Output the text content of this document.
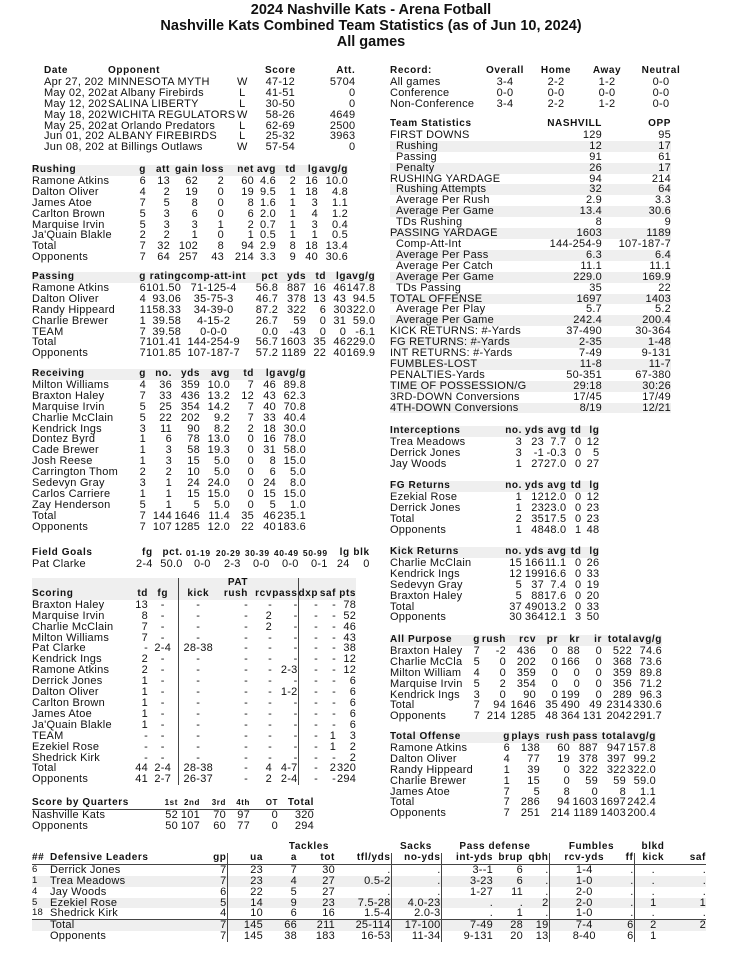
2024 Nashville Kats - Arena Fotball
Nashville Kats Combined Team Statistics (as of Jun 10, 2024)
All games
Date	Opponent		Score	Att.
Apr 27, 202	MINNESOTA MYTH	W	47-12	5704
May 02, 202	at Albany Firebirds	L	41-51	0
May 12, 202	SALINA LIBERTY	L	30-50	0
May 18, 202	WICHITA REGULATORS	W	58-26	4649
May 25, 202	at Orlando Predators	L	62-69	2500
Jun 01, 202	ALBANY FIREBIRDS	L	25-32	3963
Jun 08, 202	at Billings Outlaws	W	57-54	0
Record:	Overall	Home	Away	Neutral
All games	3-4	2-2	1-2	0-0
Conference	0-0	0-0	0-0	0-0
Non-Conference	3-4	2-2	1-2	0-0
Team Statistics	NASHVILL	OPP
FIRST DOWNS	129	95
Rushing	12	17
Passing	91	61
Penalty	26	17
RUSHING YARDAGE	94	214
Rushing Attempts	32	64
Average Per Rush	2.9	3.3
Average Per Game	13.4	30.6
TDs Rushing	8	9
PASSING YARDAGE	1603	1189
Comp-Att-Int	144-254-9	107-187-7
Average Per Pass	6.3	6.4
Average Per Catch	11.1	11.1
Average Per Game	229.0	169.9
TDs Passing	35	22
TOTAL OFFENSE	1697	1403
Average Per Play	5.7	5.2
Average Per Game	242.4	200.4
KICK RETURNS: #-Yards	37-490	30-364
FG RETURNS: #-Yards	2-35	1-48
INT RETURNS: #-Yards	7-49	9-131
FUMBLES-LOST	11-8	11-7
PENALTIES-Yards	50-351	67-380
TIME OF POSSESSION/G	29:18	30:26
3RD-DOWN Conversions	17/45	17/49
4TH-DOWN Conversions	8/19	12/21
Rushing	g	att	gain	loss	net	avg	td	lg	avg/g
Ramone Atkins	6	13	62	2	60	4.6	2	16	10.0
Dalton Oliver	4	2	19	0	19	9.5	1	18	4.8
James Atoe	7	5	8	0	8	1.6	1	3	1.1
Carlton Brown	5	3	6	0	6	2.0	1	4	1.2
Marquise Irvin	5	3	3	1	2	0.7	1	3	0.4
Ja'Quain Blakle	2	2	1	0	1	0.5	1	1	0.5
Total	7	32	102	8	94	2.9	8	18	13.4
Opponents	7	64	257	43	214	3.3	9	40	30.6
Passing	g	rating	comp-att-int	pct	yds	td	lg	avg/g
Ramone Atkins	6	101.50	71-125-4	56.8	887	16	46	147.8
Dalton Oliver	4	93.06	35-75-3	46.7	378	13	43	94.5
Randy Hippeard	1	158.33	34-39-0	87.2	322	6	30	322.0
Charlie Brewer	1	39.58	4-15-2	26.7	59	0	31	59.0
TEAM	7	39.58	0-0-0	0.0	-43	0	0	-6.1
Total	7	101.41	144-254-9	56.7	1603	35	46	229.0
Opponents	7	101.85	107-187-7	57.2	1189	22	40	169.9
Receiving	g	no.	yds	avg	td	lg	avg/g
Milton Williams	4	36	359	10.0	7	46	89.8
Braxton Haley	7	33	436	13.2	12	43	62.3
Marquise Irvin	5	25	354	14.2	7	40	70.8
Charlie McClain	5	22	202	9.2	7	33	40.4
Kendrick Ings	3	11	90	8.2	2	18	30.0
Dontez Byrd	1	6	78	13.0	0	16	78.0
Cade Brewer	1	3	58	19.3	0	31	58.0
Josh Reese	1	3	15	5.0	0	8	15.0
Carrington Thom	2	2	10	5.0	0	6	5.0
Sedevyn Gray	3	1	24	24.0	0	24	8.0
Carlos Carriere	1	1	15	15.0	0	15	15.0
Zay Henderson	5	1	5	5.0	0	5	1.0
Total	7	144	1646	11.4	35	46	235.1
Opponents	7	107	1285	12.0	22	40	183.6
Field Goals	fg	pct.	01-19	20-29	30-39	40-49	50-99	lg	blk
Pat Clarke	2-4	50.0	0-0	2-3	0-0	0-0	0-1	24	0
			PAT						
Scoring	td	fg	kick	rush	rcv	pass	dxp	saf	pts
Braxton Haley	13	-	-	-	-	-	-	-	78
Marquise Irvin	8	-	-	-	2	-	-	-	52
Charlie McClain	7	-	-	-	2	-	-	-	46
Milton Williams	7	-	-	-	-	-	-	-	43
Pat Clarke	-	2-4	28-38	-	-	-	-	-	38
Kendrick Ings	2	-	-	-	-	-	-	-	12
Ramone Atkins	2	-	-	-	-	2-3	-	-	12
Derrick Jones	1	-	-	-	-	-	-	-	6
Dalton Oliver	1	-	-	-	-	1-2	-	-	6
Carlton Brown	1	-	-	-	-	-	-	-	6
James Atoe	1	-	-	-	-	-	-	-	6
Ja'Quain Blakle	1	-	-	-	-	-	-	-	6
TEAM	-	-	-	-	-	-	-	1	3
Ezekiel Rose	-	-	-	-	-	-	-	1	2
Shedrick Kirk	-	-	-	-	-	-	-	-	2
Total	44	2-4	28-38	-	4	4-7	-	2	320
Opponents	41	2-7	26-37	-	2	2-4	-	-	294
Score by Quarters	1st	2nd	3rd	4th	OT	Total
Nashville Kats	52	101	70	97	0	320
Opponents	50	107	60	77	0	294
Interceptions	no.	yds	avg	td	lg
Trea Meadows	3	23	7.7	0	12
Derrick Jones	3	-1	-0.3	0	5
Jay Woods	1	27	27.0	0	27
FG Returns	no.	yds	avg	td	lg
Ezekial Rose	1	12	12.0	0	12
Derrick Jones	1	23	23.0	0	23
Total	2	35	17.5	0	23
Opponents	1	48	48.0	1	48
Kick Returns	no.	yds	avg	td	lg
Charlie McClain	15	166	11.1	0	26
Kendrick Ings	12	199	16.6	0	33
Sedevyn Gray	5	37	7.4	0	19
Braxton Haley	5	88	17.6	0	20
Total	37	490	13.2	0	33
Opponents	30	364	12.1	3	50
All Purpose	g	rush	rcv	pr	kr	ir	total	avg/g
Braxton Haley	7	-2	436	0	88	0	522	74.6
Charlie McCla	5	0	202	0	166	0	368	73.6
Milton William	4	0	359	0	0	0	359	89.8
Marquise Irvin	5	2	354	0	0	0	356	71.2
Kendrick Ings	3	0	90	0	199	0	289	96.3
Total	7	94	1646	35	490	49	2314	330.6
Opponents	7	214	1285	48	364	131	2042	291.7
Total Offense	g	plays	rush	pass	total	avg/g
Ramone Atkins	6	138	60	887	947	157.8
Dalton Oliver	4	77	19	378	397	99.2
Randy Hippeard	1	39	0	322	322	322.0
Charlie Brewer	1	15	0	59	59	59.0
James Atoe	7	5	8	0	8	1.1
Total	7	286	94	1603	1697	242.4
Opponents	7	251	214	1189	1403	200.4
			Tackles				Sacks	Pass defense			Fumbles		blkd	
##	Defensive Leaders	gp	ua	a	tot	tfl/yds	no-yds	int-yds	brup	qbh	rcv-yds	ff	kick	saf
6	Derrick Jones	7	23	7	30	.	.	3--1	6	.	1-4	.	.	.
1	Trea Meadows	7	23	4	27	0.5-2	.	3-23	6	.	1-0	.	.	.
4	Jay Woods	6	22	5	27	.	.	1-27	11	.	2-0	.	.	.
5	Ezekiel Rose	5	14	9	23	7.5-28	4.0-23	.	.	2	2-0	.	1	1
18	Shedrick Kirk	4	10	6	16	1.5-4	2.0-3	.	1	.	1-0	.	.	.
	Total	7	145	66	211	25-114	17-100	7-49	28	19	7-4	6	2	2
	Opponents	7	145	38	183	16-53	11-34	9-131	20	13	8-40	6	1	
